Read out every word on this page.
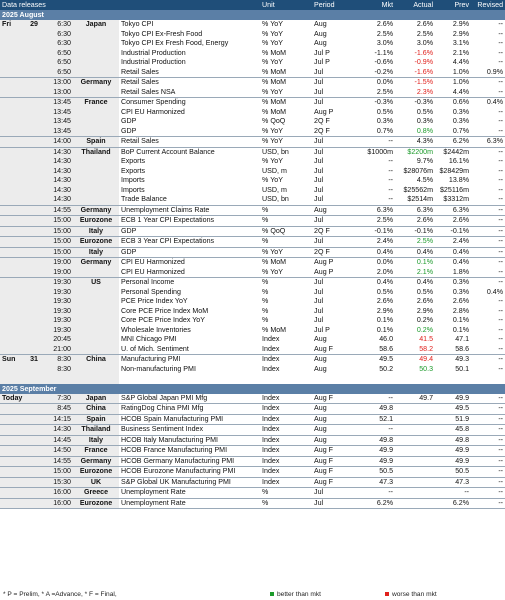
Data releases					Unit	Period	Mkt	Actual	Prev	Revised
2025 August										
Fri	29	6:30	Japan	Tokyo CPI	% YoY	Aug	2.6%	2.6%	2.9%	--
		6:30		Tokyo CPI Ex-Fresh Food	% YoY	Aug	2.5%	2.5%	2.9%	--
		6:30		Tokyo CPI Ex Fresh Food, Energy	% YoY	Aug	3.0%	3.0%	3.1%	--
		6:50		Industrial Production	% MoM	Jul P	-1.1%	-1.6%	2.1%	--
		6:50		Industrial Production	% YoY	Jul P	-0.6%	-0.9%	4.4%	--
		6:50		Retail Sales	% MoM	Jul	-0.2%	-1.6%	1.0%	0.9%
		13:00	Germany	Retail Sales	% MoM	Jul	0.0%	-1.5%	1.0%	--
		13:00		Retail Sales NSA	% YoY	Jul	2.5%	2.3%	4.4%	--
		13:45	France	Consumer Spending	% MoM	Jul	-0.3%	-0.3%	0.6%	0.4%
		13:45		CPI EU Harmonized	% MoM	Aug P	0.5%	0.5%	0.3%	--
		13:45		GDP	% QoQ	2Q F	0.3%	0.3%	0.3%	--
		13:45		GDP	% YoY	2Q F	0.7%	0.8%	0.7%	--
		14:00	Spain	Retail Sales	% YoY	Jul	--	4.3%	6.2%	6.3%
		14:30	Thailand	BoP Current Account Balance	USD, bn	Jul	$1000m	$2200m	$2442m	--
		14:30		Exports	% YoY	Jul	--	9.7%	16.1%	--
		14:30		Exports	USD, m	Jul	--	$28076m	$28429m	--
		14:30		Imports	% YoY	Jul	--	4.5%	13.8%	--
		14:30		Imports	USD, m	Jul	--	$25562m	$25116m	--
		14:30		Trade Balance	USD, bn	Jul	--	$2514m	$3312m	--
		14:55	Germany	Unemployment Claims Rate	%	Aug	6.3%	6.3%	6.3%	--
		15:00	Eurozone	ECB 1 Year CPI Expectations	%	Jul	2.5%	2.6%	2.6%	--
		15:00	Italy	GDP	% QoQ	2Q F	-0.1%	-0.1%	-0.1%	--
		15:00	Eurozone	ECB 3 Year CPI Expectations	%	Jul	2.4%	2.5%	2.4%	--
		15:00	Italy	GDP	% YoY	2Q F	0.4%	0.4%	0.4%	--
		19:00	Germany	CPI EU Harmonized	% MoM	Aug P	0.0%	0.1%	0.4%	--
		19:00		CPI EU Harmonized	% YoY	Aug P	2.0%	2.1%	1.8%	--
		19:30	US	Personal Income	%	Jul	0.4%	0.4%	0.3%	--
		19:30		Personal Spending	%	Jul	0.5%	0.5%	0.3%	0.4%
		19:30		PCE Price Index YoY	%	Jul	2.6%	2.6%	2.6%	--
		19:30		Core PCE Price Index MoM	%	Jul	2.9%	2.9%	2.8%	--
		19:30		Core PCE Price Index YoY	%	Jul	0.1%	0.2%	0.1%	--
		19:30		Wholesale Inventories	% MoM	Jul P	0.1%	0.2%	0.1%	--
		20:45		MNI Chicago PMI	Index	Aug	46.0	41.5	47.1	--
		21:00		U. of Mich. Sentiment	Index	Aug F	58.6	58.2	58.6	--
Sun	31	8:30	China	Manufacturing PMI	Index	Aug	49.5	49.4	49.3	--
		8:30		Non-manufacturing PMI	Index	Aug	50.2	50.3	50.1	--

2025 September										
Today		7:30	Japan	S&P Global Japan PMI Mfg	Index	Aug F	--	49.7	49.9	--
		8:45	China	RatingDog China PMI Mfg	Index	Aug	49.8		49.5	--
		14:15	Spain	HCOB Spain Manufacturing PMI	Index	Aug	52.1		51.9	--
		14:30	Thailand	Business Sentiment Index	Index	Aug	--		45.8	--
		14:45	Italy	HCOB Italy Manufacturing PMI	Index	Aug	49.8		49.8	--
		14:50	France	HCOB France Manufacturing PMI	Index	Aug F	49.9		49.9	--
		14:55	Germany	HCOB Germany Manufacturing PMI	Index	Aug F	49.9		49.9	--
		15:00	Eurozone	HCOB Eurozone Manufacturing PMI	Index	Aug F	50.5		50.5	--
		15:30	UK	S&P Global UK Manufacturing PMI	Index	Aug F	47.3		47.3	--
		16:00	Greece	Unemployment Rate	%	Jul	--		--	--
		16:00	Eurozone	Unemployment Rate	%	Jul	6.2%		6.2%	--
* P = Prelim, * A =Advance, * F = Final,	better than mkt	worse than mkt
